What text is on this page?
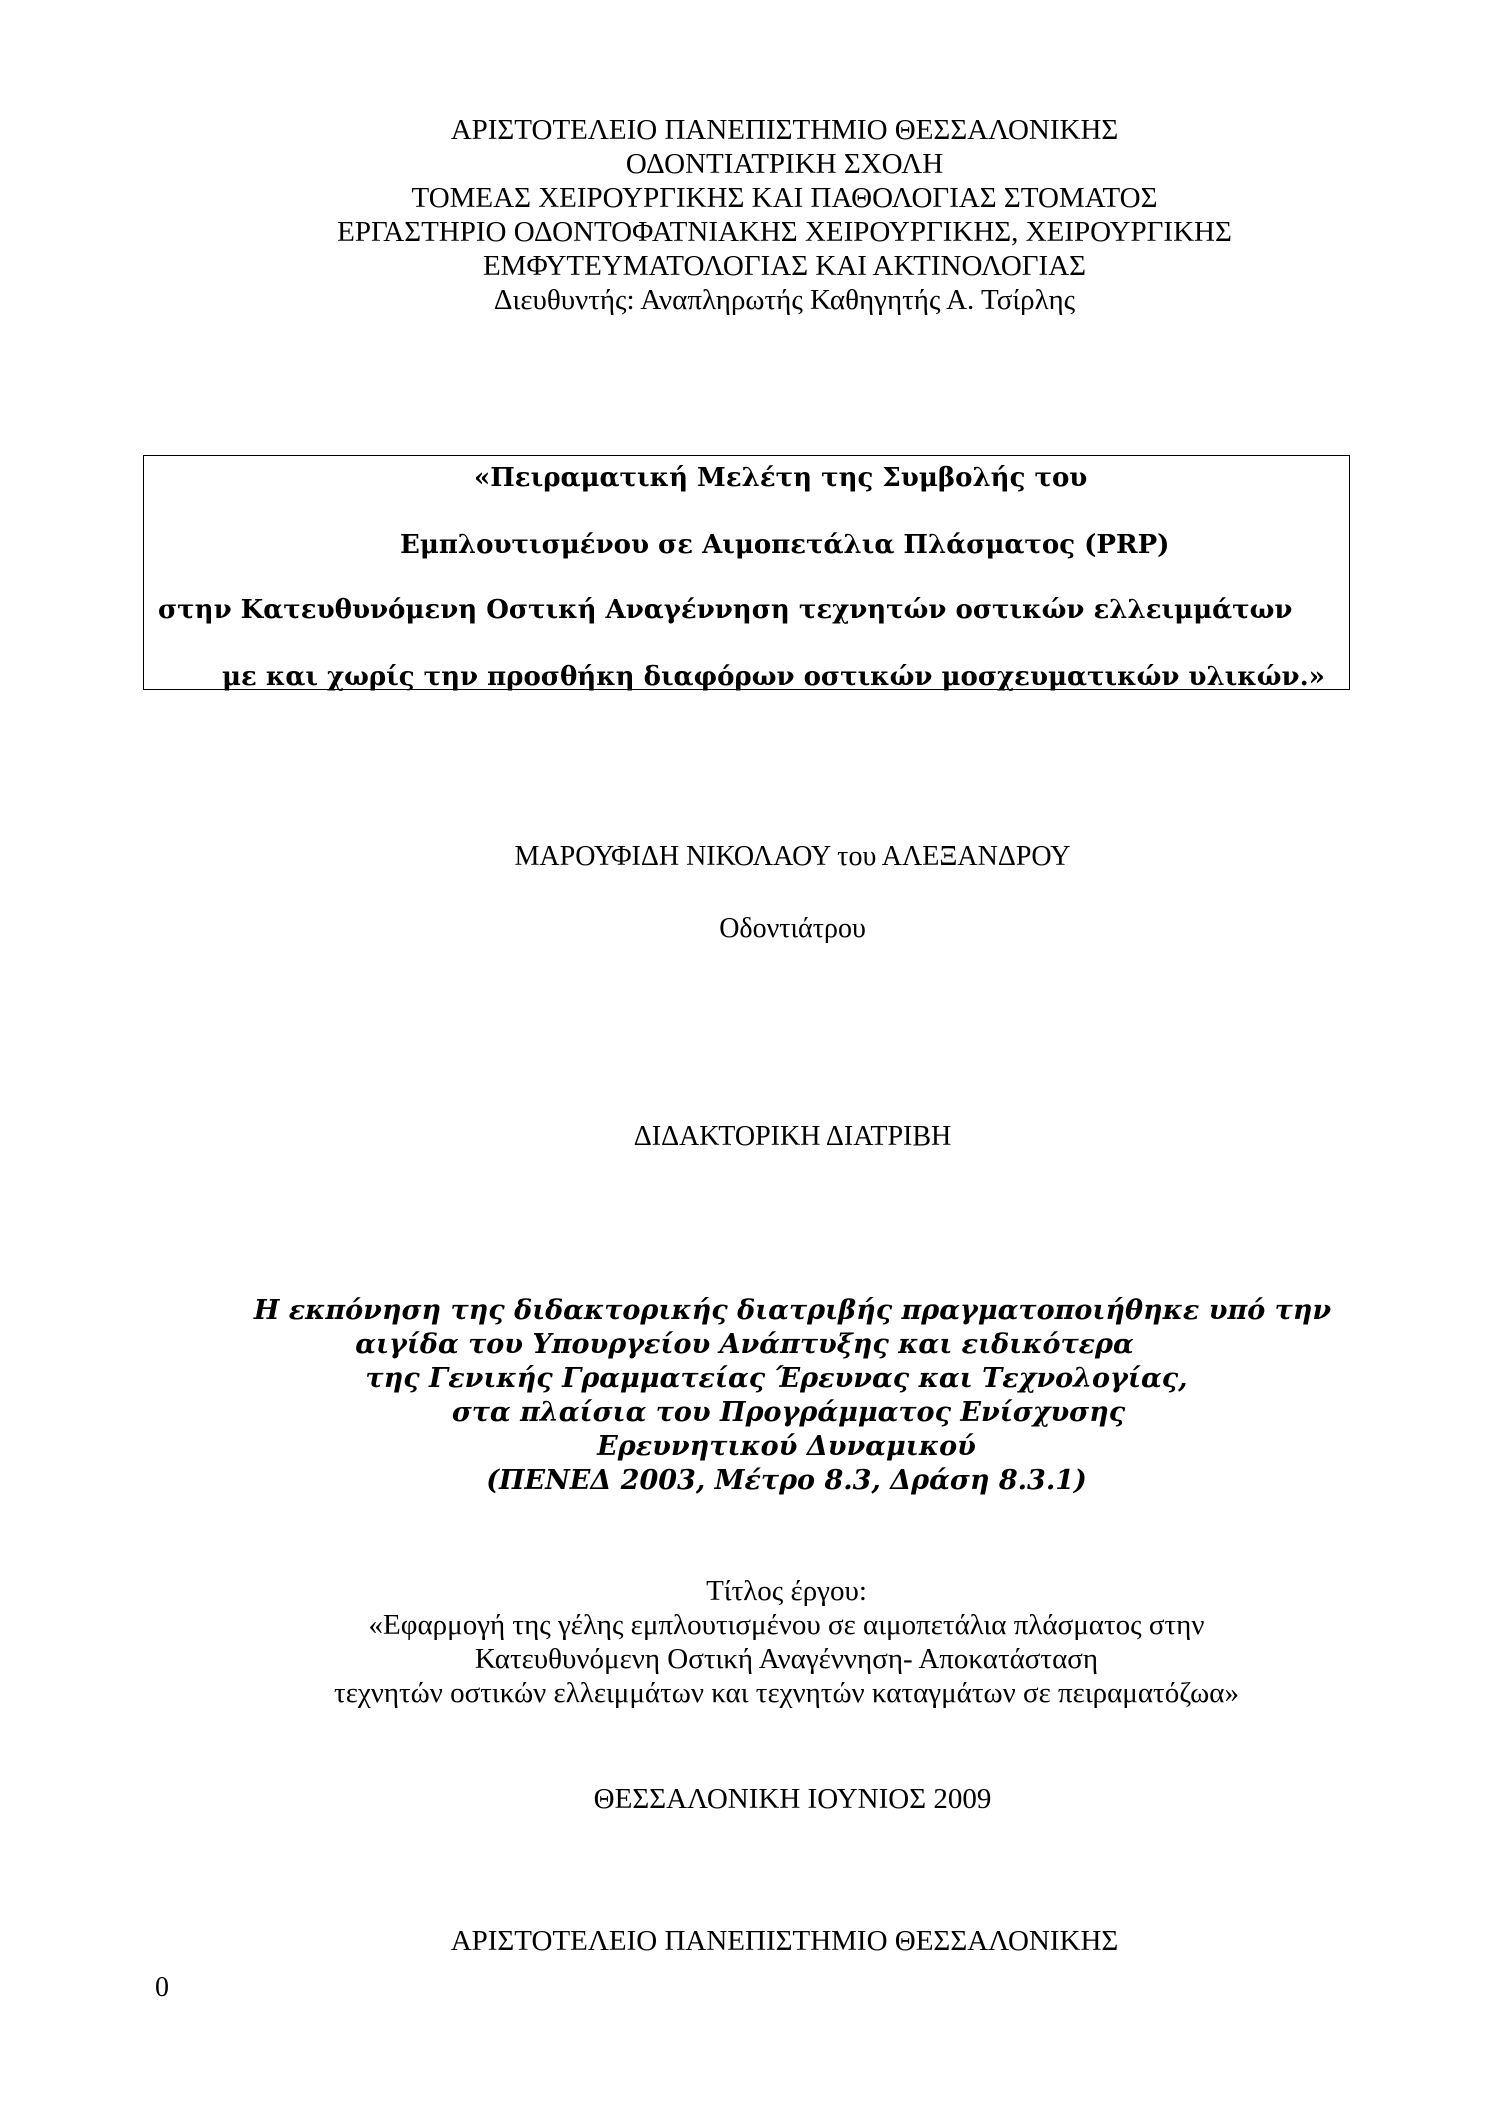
ΑΡΙΣΤΟΤΕΛΕΙΟ ΠΑΝΕΠΙΣΤΗΜΙΟ ΘΕΣΣΑΛΟΝΙΚΗΣ
ΟΔΟΝΤΙΑΤΡΙΚΗ ΣΧΟΛΗ
ΤΟΜΕΑΣ ΧΕΙΡΟΥΡΓΙΚΗΣ ΚΑΙ ΠΑΘΟΛΟΓΙΑΣ ΣΤΟΜΑΤΟΣ
ΕΡΓΑΣΤΗΡΙΟ ΟΔΟΝΤΟΦΑΤΝΙΑΚΗΣ ΧΕΙΡΟΥΡΓΙΚΗΣ, ΧΕΙΡΟΥΡΓΙΚΗΣ
ΕΜΦΥΤΕΥΜΑΤΟΛΟΓΙΑΣ ΚΑΙ ΑΚΤΙΝΟΛΟΓΙΑΣ
Διευθυντής: Αναπληρωτής Καθηγητής Α. Τσίρλης
«Πειραματική Μελέτη της Συμβολής του
Εμπλουτισμένου σε Αιμοπετάλια Πλάσματος (PRP)
στην Κατευθυνόμενη Οστική Αναγέννηση τεχνητών οστικών ελλειμμάτων
με και χωρίς την προσθήκη διαφόρων οστικών μοσχευματικών υλικών.»
ΜΑΡΟΥΦΙΔΗ ΝΙΚΟΛΑΟΥ του ΑΛΕΞΑΝΔΡΟΥ
Οδοντιάτρου
ΔΙΔΑΚΤΟΡΙΚΗ ΔΙΑΤΡΙΒΗ
Η εκπόνηση της διδακτορικής διατριβής πραγματοποιήθηκε υπό την
αιγίδα του Υπουργείου Ανάπτυξης και ειδικότερα
της Γενικής Γραμματείας Έρευνας και Τεχνολογίας,
στα πλαίσια του Προγράμματος Ενίσχυσης
Ερευνητικού Δυναμικού
(ΠΕΝΕΔ 2003, Μέτρο 8.3, Δράση 8.3.1)
Τίτλος έργου:
«Εφαρμογή της γέλης εμπλουτισμένου σε αιμοπετάλια πλάσματος στην
Κατευθυνόμενη Οστική Αναγέννηση- Αποκατάσταση
τεχνητών οστικών ελλειμμάτων και τεχνητών καταγμάτων σε πειραματόζωα»
ΘΕΣΣΑΛΟΝΙΚΗ ΙΟΥΝΙΟΣ 2009
ΑΡΙΣΤΟΤΕΛΕΙΟ ΠΑΝΕΠΙΣΤΗΜΙΟ ΘΕΣΣΑΛΟΝΙΚΗΣ
0
